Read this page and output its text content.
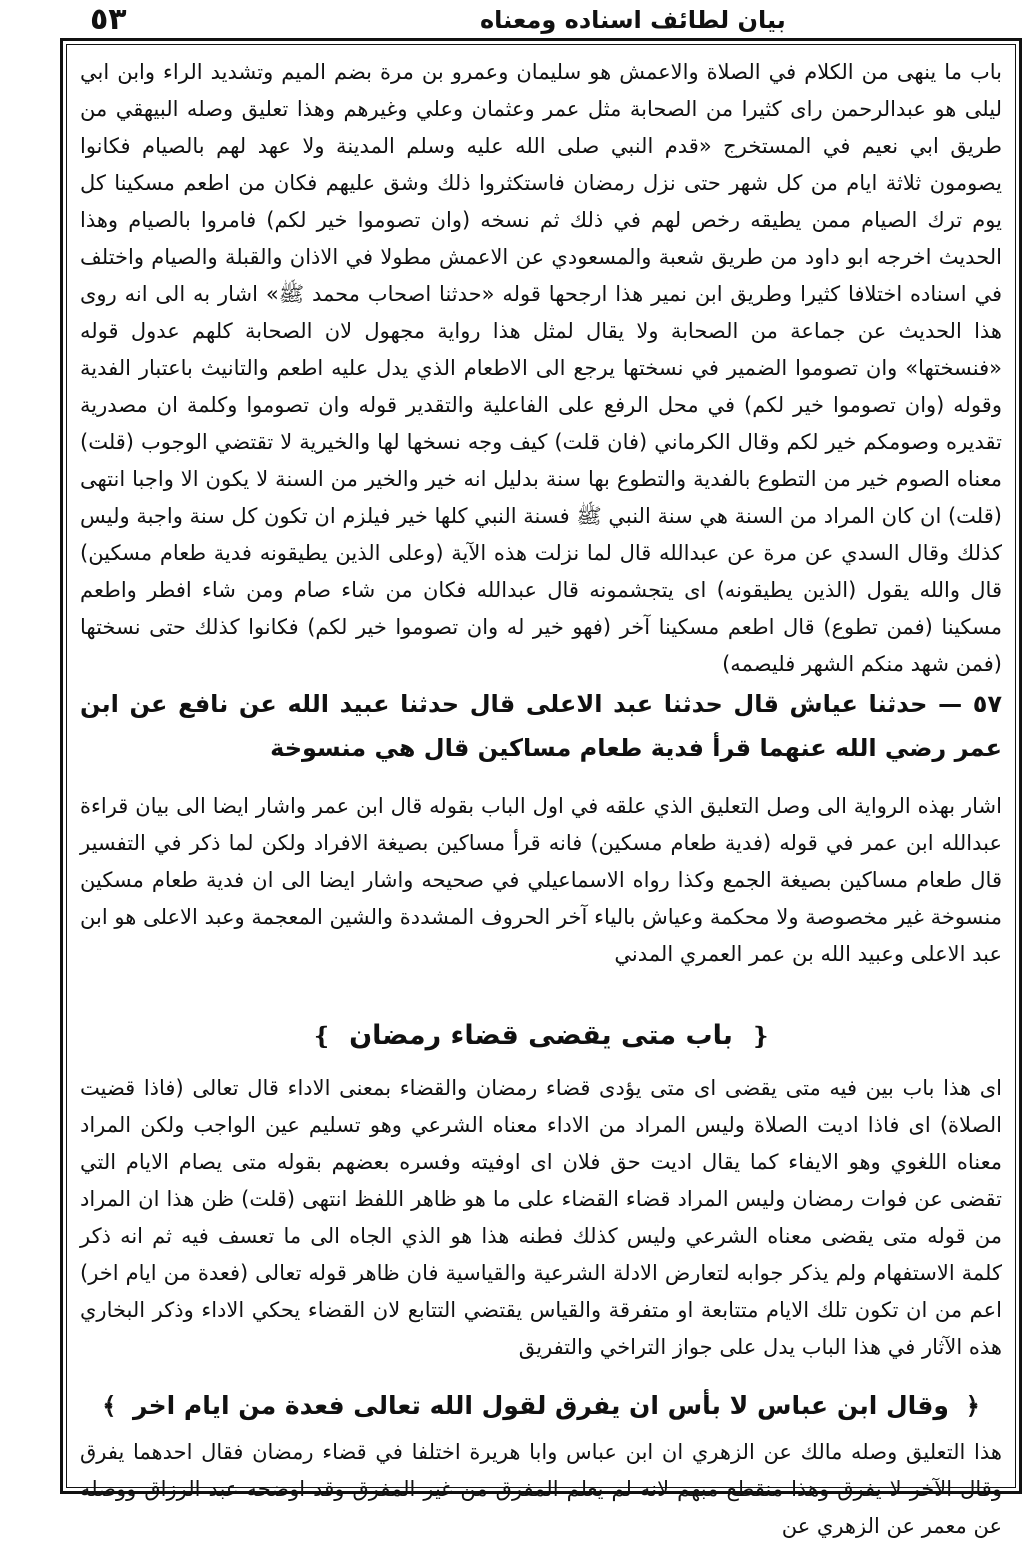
٥٣	بيان لطائف اسناده ومعناه

باب ما ينهى من الكلام في الصلاة والاعمش هو سليمان وعمرو بن مرة بضم الميم وتشديد الراء وابن ابي ليلى هو عبدالرحمن راى كثيرا من الصحابة مثل عمر وعثمان وعلي وغيرهم وهذا تعليق وصله البيهقي من طريق ابي نعيم في المستخرج «قدم النبي صلى الله عليه وسلم المدينة ولا عهد لهم بالصيام فكانوا يصومون ثلاثة ايام من كل شهر حتى نزل رمضان فاستكثروا ذلك وشق عليهم فكان من اطعم مسكينا كل يوم ترك الصيام ممن يطيقه رخص لهم في ذلك ثم نسخه (وان تصوموا خير لكم) فامروا بالصيام وهذا الحديث اخرجه ابو داود من طريق شعبة والمسعودي عن الاعمش مطولا في الاذان والقبلة والصيام واختلف في اسناده اختلافا كثيرا وطريق ابن نمير هذا ارجحها قوله «حدثنا اصحاب محمد ﷺ» اشار به الى انه روى هذا الحديث عن جماعة من الصحابة ولا يقال لمثل هذا رواية مجهول لان الصحابة كلهم عدول قوله «فنسختها» وان تصوموا الضمير في نسختها يرجع الى الاطعام الذي يدل عليه اطعم والتانيث باعتبار الفدية وقوله (وان تصوموا خير لكم) في محل الرفع على الفاعلية والتقدير قوله وان تصوموا وكلمة ان مصدرية تقديره وصومكم خير لكم وقال الكرماني (فان قلت) كيف وجه نسخها لها والخيرية لا تقتضي الوجوب (قلت) معناه الصوم خير من التطوع بالفدية والتطوع بها سنة بدليل انه خير والخير من السنة لا يكون الا واجبا انتهى (قلت) ان كان المراد من السنة هي سنة النبي ﷺ فسنة النبي كلها خير فيلزم ان تكون كل سنة واجبة وليس كذلك وقال السدي عن مرة عن عبدالله قال لما نزلت هذه الآية (وعلى الذين يطيقونه فدية طعام مسكين) قال والله يقول (الذين يطيقونه) اى يتجشمونه قال عبدالله فكان من شاء صام ومن شاء افطر واطعم مسكينا (فمن تطوع) قال اطعم مسكينا آخر (فهو خير له وان تصوموا خير لكم) فكانوا كذلك حتى نسختها (فمن شهد منكم الشهر فليصمه)

٥٧ — حدثنا عياش قال حدثنا عبد الاعلى قال حدثنا عبيد الله عن نافع عن ابن عمر رضي الله عنهما قرأ فدية طعام مساكين قال هي منسوخة

اشار بهذه الرواية الى وصل التعليق الذي علقه في اول الباب بقوله قال ابن عمر واشار ايضا الى بيان قراءة عبدالله ابن عمر في قوله (فدية طعام مسكين) فانه قرأ مساكين بصيغة الافراد ولكن لما ذكر في التفسير قال طعام مساكين بصيغة الجمع وكذا رواه الاسماعيلي في صحيحه واشار ايضا الى ان فدية طعام مسكين منسوخة غير مخصوصة ولا محكمة وعياش بالياء آخر الحروف المشددة والشين المعجمة وعبد الاعلى هو ابن عبد الاعلى وعبيد الله بن عمر العمري المدني

❴ باب متى يقضى قضاء رمضان ❵

اى هذا باب بين فيه متى يقضى اى متى يؤدى قضاء رمضان والقضاء بمعنى الاداء قال تعالى (فاذا قضيت الصلاة) اى فاذا اديت الصلاة وليس المراد من الاداء معناه الشرعي وهو تسليم عين الواجب ولكن المراد معناه اللغوي وهو الايفاء كما يقال اديت حق فلان اى اوفيته وفسره بعضهم بقوله متى يصام الايام التي تقضى عن فوات رمضان وليس المراد قضاء القضاء على ما هو ظاهر اللفظ انتهى (قلت) ظن هذا ان المراد من قوله متى يقضى معناه الشرعي وليس كذلك فطنه هذا هو الذي الجاه الى ما تعسف فيه ثم انه ذكر كلمة الاستفهام ولم يذكر جوابه لتعارض الادلة الشرعية والقياسية فان ظاهر قوله تعالى (فعدة من ايام اخر) اعم من ان تكون تلك الايام متتابعة او متفرقة والقياس يقتضي التتابع لان القضاء يحكي الاداء وذكر البخاري هذه الآثار في هذا الباب يدل على جواز التراخي والتفريق

﴿ وقال ابن عباس لا بأس ان يفرق لقول الله تعالى فعدة من ايام اخر ﴾

هذا التعليق وصله مالك عن الزهري ان ابن عباس وابا هريرة اختلفا في قضاء رمضان فقال احدهما يفرق وقال الآخر لا يفرق وهذا منقطع مبهم لانه لم يعلم المفرق من غير المفرق وقد اوضحه عبد الرزاق ووصله عن معمر عن الزهري عن
